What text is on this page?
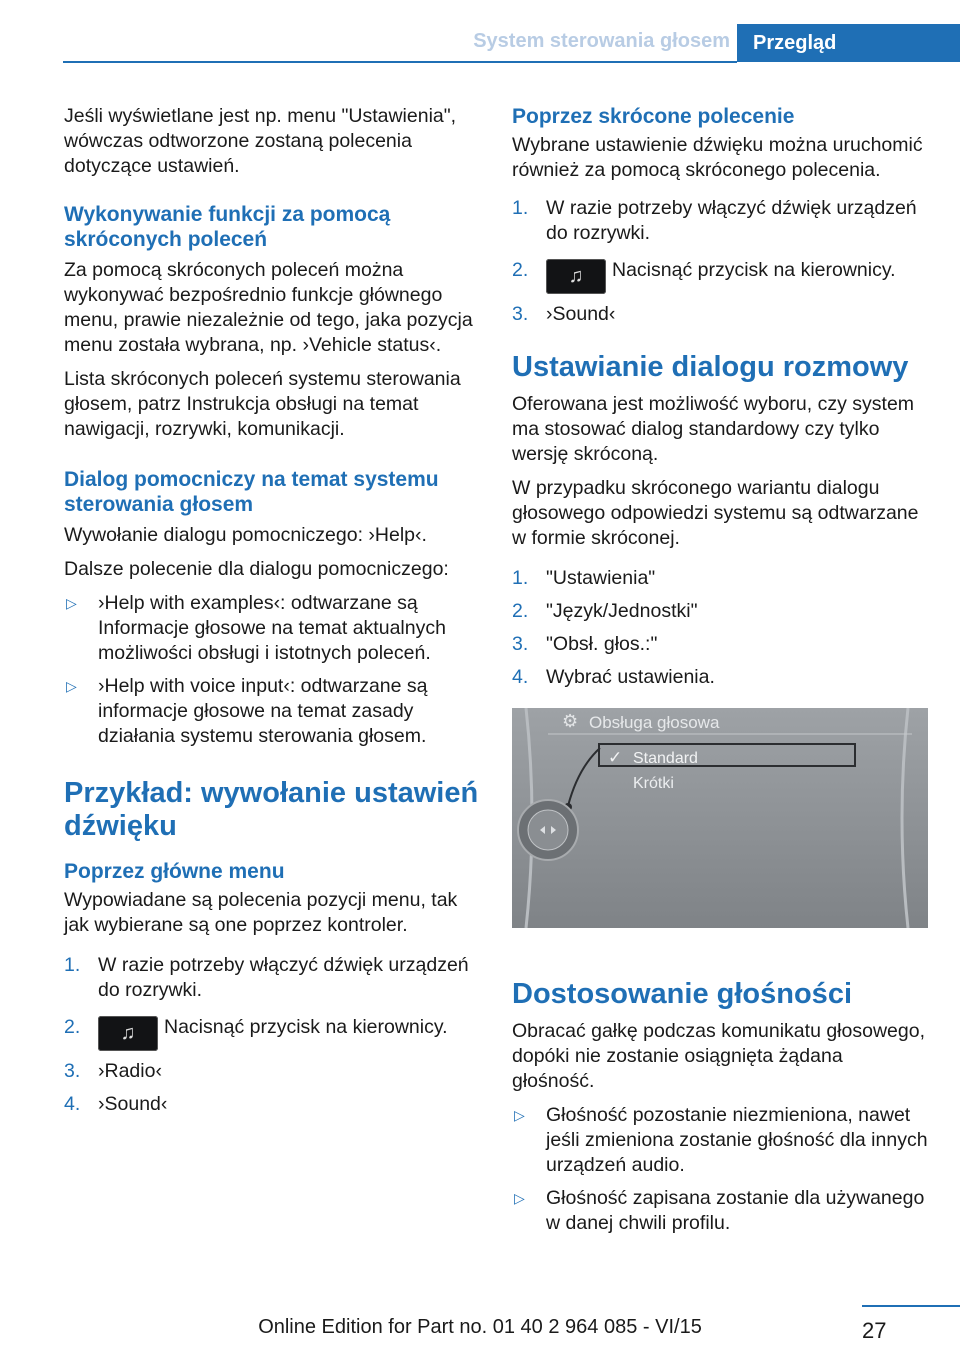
System sterowania głosem	Przegląd

Jeśli wyświetlane jest np. menu "Ustawienia", wówczas odtworzone zostaną polecenia dotyczące ustawień.

Wykonywanie funkcji za pomocą skróconych poleceń

Za pomocą skróconych poleceń można wykonywać bezpośrednio funkcje głównego menu, prawie niezależnie od tego, jaka pozycja menu została wybrana, np. ›Vehicle status‹.

Lista skróconych poleceń systemu sterowania głosem, patrz Instrukcja obsługi na temat nawigacji, rozrywki, komunikacji.

Dialog pomocniczy na temat systemu sterowania głosem

Wywołanie dialogu pomocniczego: ›Help‹.

Dalsze polecenie dla dialogu pomocniczego:

▷ ›Help with examples‹: odtwarzane są Informacje głosowe na temat aktualnych możliwości obsługi i istotnych poleceń.
▷ ›Help with voice input‹: odtwarzane są informacje głosowe na temat zasady działania systemu sterowania głosem.
Przykład: wywołanie ustawień dźwięku
Poprzez główne menu

Wypowiadane są polecenia pozycji menu, tak jak wybierane są one poprzez kontroler.

1. W razie potrzeby włączyć dźwięk urządzeń do rozrywki.
2. ♫ Nacisnąć przycisk na kierownicy.
3. ›Radio‹
4. ›Sound‹
Poprzez skrócone polecenie

Wybrane ustawienie dźwięku można uruchomić również za pomocą skróconego polecenia.

1. W razie potrzeby włączyć dźwięk urządzeń do rozrywki.
2. ♫ Nacisnąć przycisk na kierownicy.
3. ›Sound‹
Ustawianie dialogu rozmowy

Oferowana jest możliwość wyboru, czy system ma stosować dialog standardowy czy tylko wersję skróconą.

W przypadku skróconego wariantu dialogu głosowego odpowiedzi systemu są odtwarzane w formie skróconej.

1. "Ustawienia"
2. "Język/Jednostki"
3. "Obsł. głos.:"
4. Wybrać ustawienia.
⚙ Obsługa głosowa
✓ Standard
Krótki
Dostosowanie głośności

Obracać gałkę podczas komunikatu głosowego, dopóki nie zostanie osiągnięta żądana głośność.

▷ Głośność pozostanie niezmieniona, nawet jeśli zmieniona zostanie głośność dla innych urządzeń audio.
▷ Głośność zapisana zostanie dla używanego w danej chwili profilu.
27
Online Edition for Part no. 01 40 2 964 085 - VI/15
